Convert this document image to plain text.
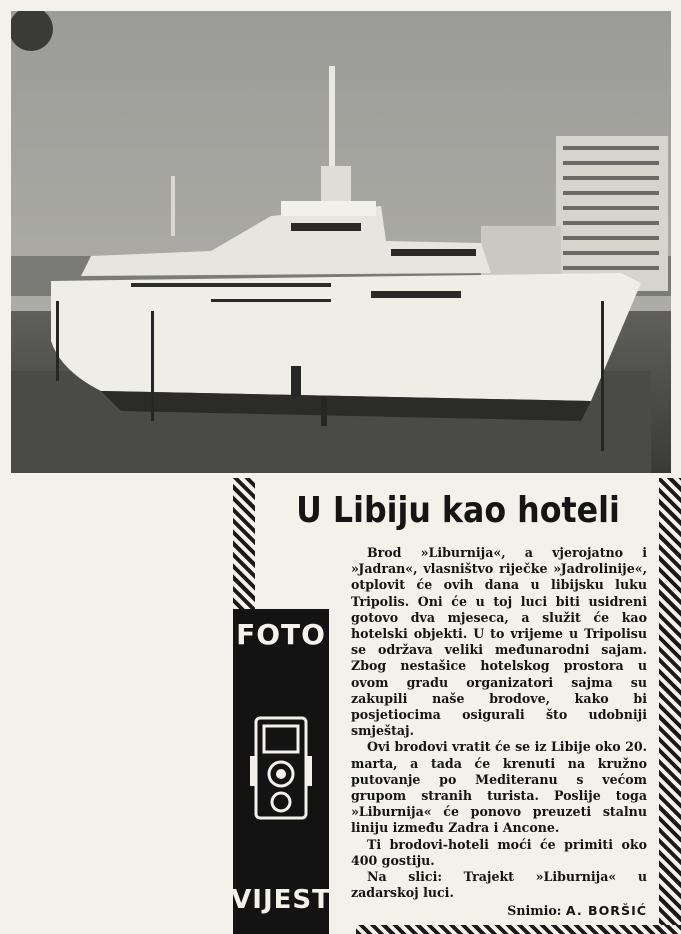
U Libiju kao hoteli
FOTO
VIJEST

Brod »Liburnija«, a vjerojatno i »Jadran«, vlasništvo riječke »Jadrolinije«, otplovit će ovih dana u libijsku luku Tripolis. Oni će u toj luci biti usidreni gotovo dva mjeseca, a služit će kao hotelski objekti. U to vrijeme u Tripolisu se održava veliki međunarodni sajam. Zbog nestašice hotelskog prostora u ovom gradu organizatori sajma su zakupili naše brodove, kako bi posjetiocima osigurali što udobniji smještaj.

Ovi brodovi vratit će se iz Libije oko 20. marta, a tada će krenuti na kružno putovanje po Mediteranu s većom grupom stranih turista. Poslije toga »Liburnija« će ponovo preuzeti stalnu liniju između Zadra i Ancone.

Ti brodovi-hoteli moći će primiti oko 400 gostiju.

Na slici: Trajekt »Liburnija« u zadarskoj luci.

Snimio: A. BORŠIĆ
